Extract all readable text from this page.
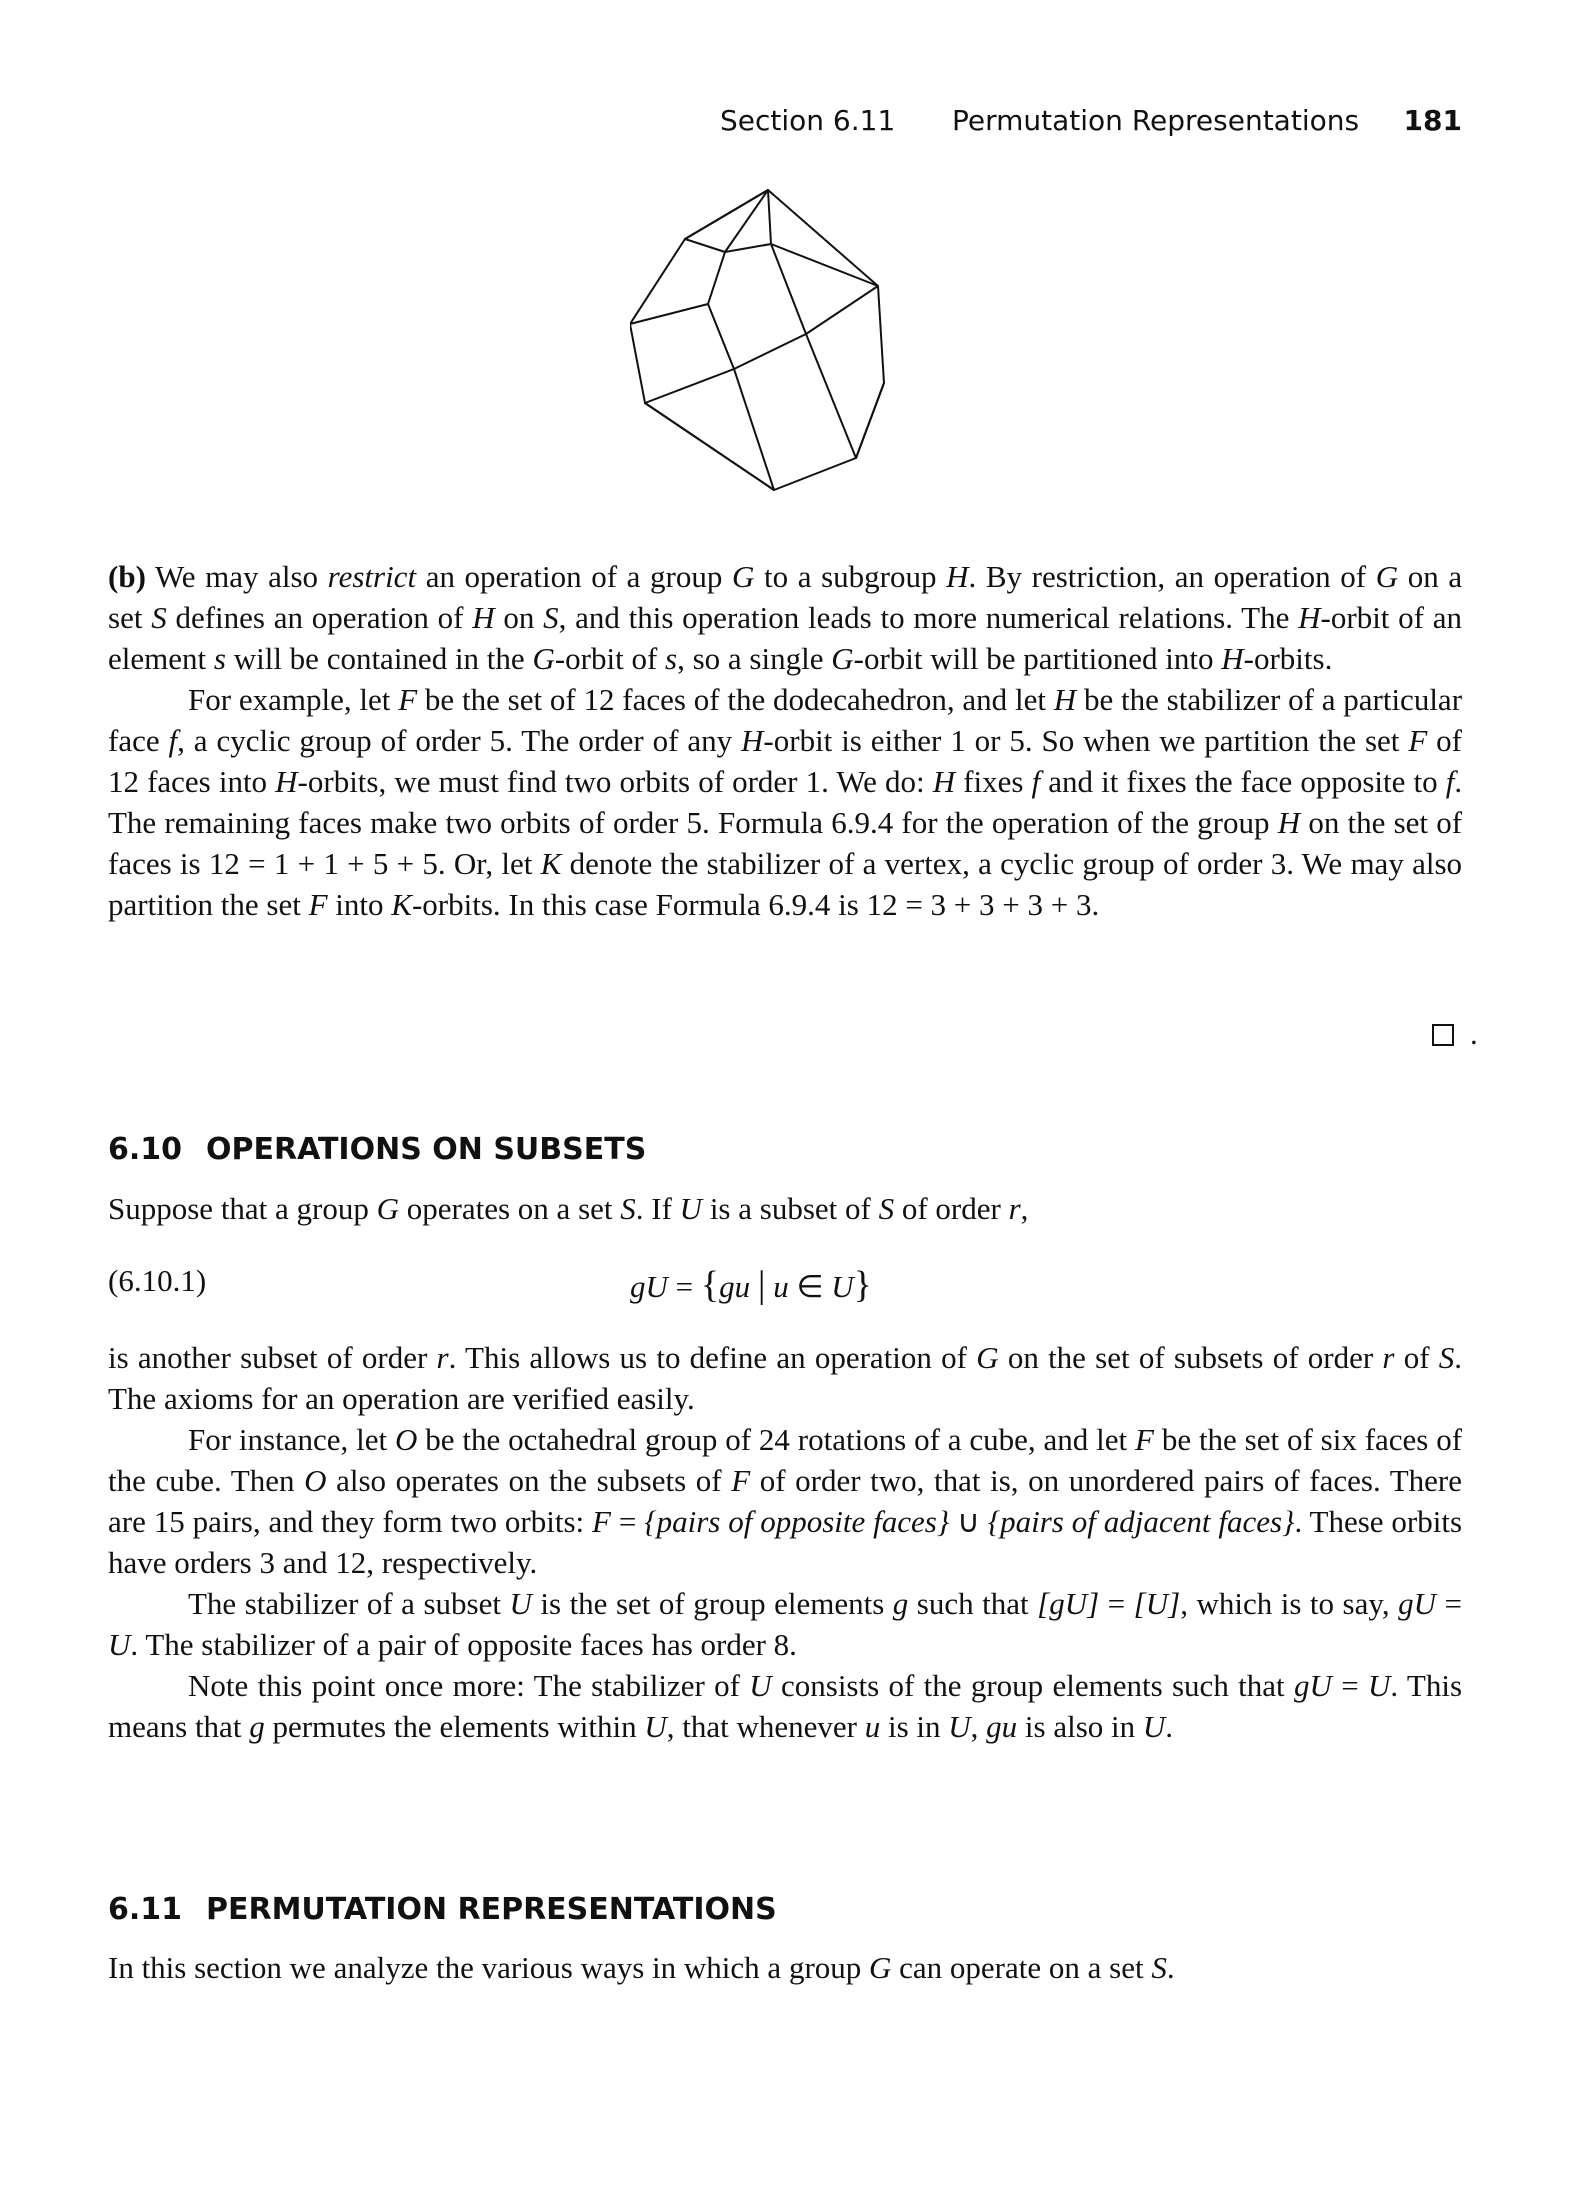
Section 6.11 Permutation Representations 181

(b) We may also restrict an operation of a group G to a subgroup H. By restriction, an operation of G on a set S defines an operation of H on S, and this operation leads to more numerical relations. The H-orbit of an element s will be contained in the G-orbit of s, so a single G-orbit will be partitioned into H-orbits.

For example, let F be the set of 12 faces of the dodecahedron, and let H be the stabilizer of a particular face f, a cyclic group of order 5. The order of any H-orbit is either 1 or 5. So when we partition the set F of 12 faces into H-orbits, we must find two orbits of order 1. We do: H fixes f and it fixes the face opposite to f. The remaining faces make two orbits of order 5. Formula 6.9.4 for the operation of the group H on the set of faces is 12 = 1 + 1 + 5 + 5. Or, let K denote the stabilizer of a vertex, a cyclic group of order 3. We may also partition the set F into K-orbits. In this case Formula 6.9.4 is 12 = 3 + 3 + 3 + 3.

.
6.10 OPERATIONS ON SUBSETS

Suppose that a group G operates on a set S. If U is a subset of S of order r,

(6.10.1)	gU = {gu | u ∈ U}

is another subset of order r. This allows us to define an operation of G on the set of subsets of order r of S. The axioms for an operation are verified easily.

For instance, let O be the octahedral group of 24 rotations of a cube, and let F be the set of six faces of the cube. Then O also operates on the subsets of F of order two, that is, on unordered pairs of faces. There are 15 pairs, and they form two orbits: F = {pairs of opposite faces} ∪ {pairs of adjacent faces}. These orbits have orders 3 and 12, respectively.

The stabilizer of a subset U is the set of group elements g such that [gU] = [U], which is to say, gU = U. The stabilizer of a pair of opposite faces has order 8.

Note this point once more: The stabilizer of U consists of the group elements such that gU = U. This means that g permutes the elements within U, that whenever u is in U, gu is also in U.

6.11 PERMUTATION REPRESENTATIONS

In this section we analyze the various ways in which a group G can operate on a set S.
